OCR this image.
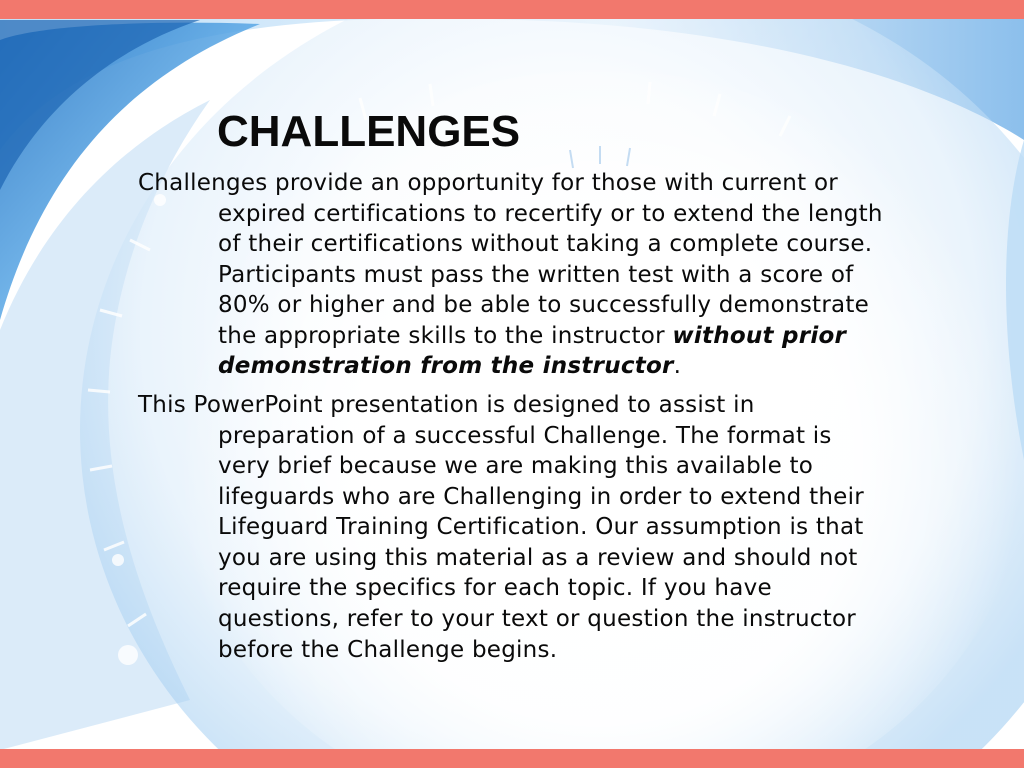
CHALLENGES
Challenges provide an opportunity for those with current or
expired certifications to recertify or to extend the length
of their certifications without taking a complete course.
Participants must pass the written test with a score of
80% or higher and be able to successfully demonstrate
the appropriate skills to the instructor without prior
demonstration from the instructor.
This PowerPoint presentation is designed to assist in
preparation of a successful Challenge. The format is
very brief because we are making this available to
lifeguards who are Challenging in order to extend their
Lifeguard Training Certification. Our assumption is that
you are using this material as a review and should not
require the specifics for each topic. If you have
questions, refer to your text or question the instructor
before the Challenge begins.
